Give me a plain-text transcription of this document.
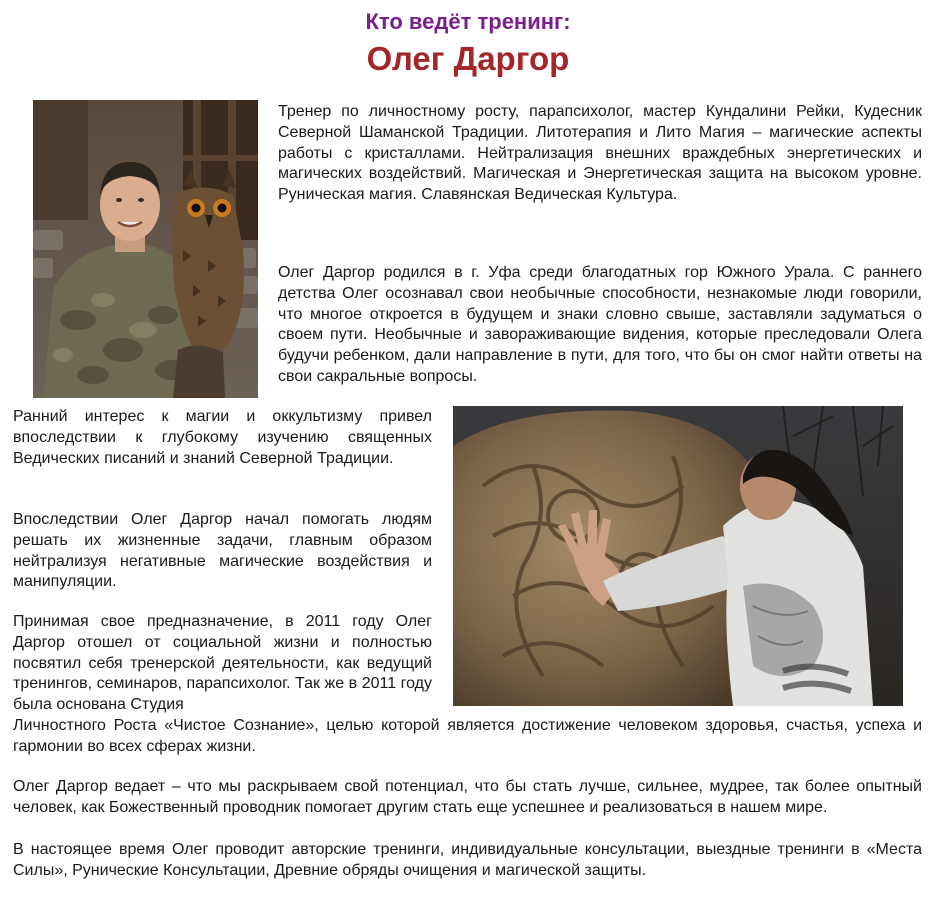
Кто ведёт тренинг:
Олег Даргор

Тренер по личностному росту, парапсихолог, мастер Кундалини Рейки, Кудесник Северной Шаманской Традиции. Литотерапия и Лито Магия – магические аспекты работы с кристаллами. Нейтрализация внешних враждебных энергетических и магических воздействий. Магическая и Энергетическая защита на высоком уровне. Руническая магия. Славянская Ведическая Культура.

Олег Даргор родился в г. Уфа среди благодатных гор Южного Урала. С раннего детства Олег осознавал свои необычные способности, незнакомые люди говорили, что многое откроется в будущем и знаки словно свыше, заставляли задуматься о своем пути. Необычные и завораживающие видения, которые преследовали Олега будучи ребенком, дали направление в пути, для того, что бы он смог найти ответы на свои сакральные вопросы.

Ранний интерес к магии и оккультизму привел впоследствии к глубокому изучению священных Ведических писаний и знаний Северной Традиции.

Впоследствии Олег Даргор начал помогать людям решать их жизненные задачи, главным образом нейтрализуя негативные магические воздействия и манипуляции.

Принимая свое предназначение, в 2011 году Олег Даргор отошел от социальной жизни и полностью посвятил себя тренерской деятельности, как ведущий тренингов, семинаров, парапсихолог. Так же в 2011 году была основана Студия

Личностного Роста «Чистое Сознание», целью которой является достижение человеком здоровья, счастья, успеха и гармонии во всех сферах жизни.

Олег Даргор ведает – что мы раскрываем свой потенциал, что бы стать лучше, сильнее, мудрее, так более опытный человек, как Божественный проводник помогает другим стать еще успешнее и реализоваться в нашем мире.

В настоящее время Олег проводит авторские тренинги, индивидуальные консультации, выездные тренинги в «Места Силы», Рунические Консультации, Древние обряды очищения и магической защиты.
